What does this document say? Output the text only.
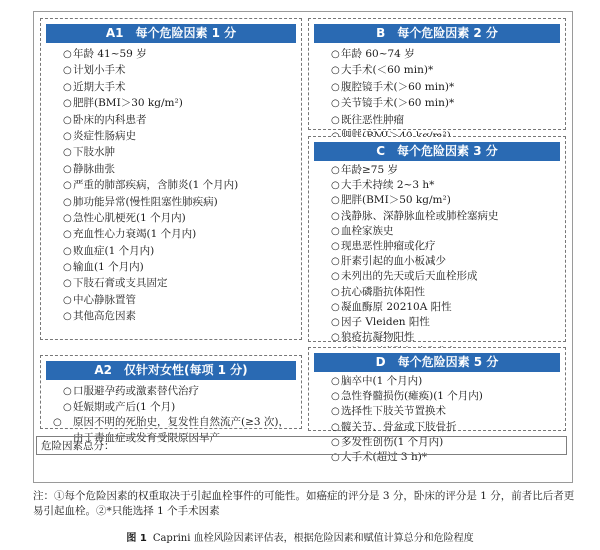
A1 每个危险因素 1 分
○年龄 41~59 岁
○计划小手术
○近期大手术
○肥胖(BMI＞30 kg/m²)
○卧床的内科患者
○炎症性肠病史
○下肢水肿
○静脉曲张
○严重的肺部疾病，含肺炎(1 个月内)
○肺功能异常(慢性阻塞性肺疾病)
○急性心肌梗死(1 个月内)
○充血性心力衰竭(1 个月内)
○败血症(1 个月内)
○输血(1 个月内)
○下肢石膏或支具固定
○中心静脉置管
○其他高危因素
A2 仅针对女性(每项 1 分)
○口服避孕药或激素替代治疗
○妊娠期或产后(1 个月)
○ 原因不明的死胎史，复发性自然流产(≥3 次)，由于毒血症或发育受限原因早产
B 每个危险因素 2 分
○年龄 60~74 岁
○大手术(＜60 min)*
○腹腔镜手术(＞60 min)*
○关节镜手术(＞60 min)*
○既往恶性肿瘤
C 每个危险因素 3 分
○年龄≥75 岁
○大手术持续 2~3 h*
○肥胖(BMI＞50 kg/m²)
○浅静脉、深静脉血栓或肺栓塞病史
○血栓家族史
○现患恶性肿瘤或化疗
○肝素引起的血小板减少
○未列出的先天或后天血栓形成
○抗心磷脂抗体阳性
○凝血酶原 20210A 阳性
○因子 Vleiden 阳性
○狼疮抗凝物阳性
D 每个危险因素 5 分
○脑卒中(1 个月内)
○急性脊髓损伤(瘫痪)(1 个月内)
○选择性下肢关节置换术
○髋关节、骨盆或下肢骨折
○多发性创伤(1 个月内)
○大手术(超过 3 h)*
危险因素总分：
注：①每个危险因素的权重取决于引起血栓事件的可能性。如癌症的评分是 3 分，卧床的评分是 1 分，前者比后者更易引起血栓。②*只能选择 1 个手术因素
图 1 Caprini 血栓风险因素评估表，根据危险因素和赋值计算总分和危险程度
